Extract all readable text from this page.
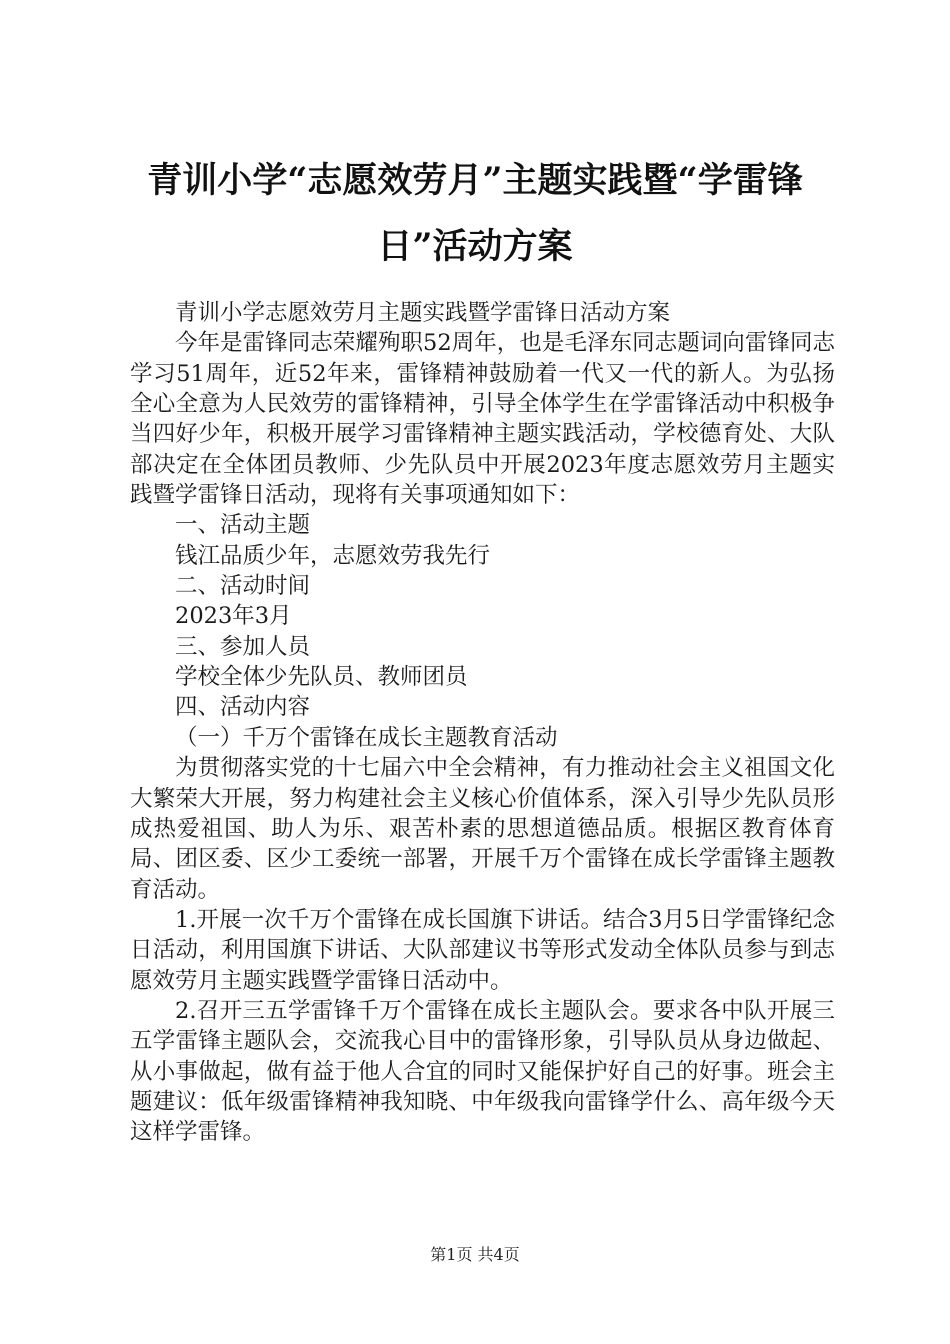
青训小学“志愿效劳月”主题实践暨“学雷锋
日”活动方案

青训小学志愿效劳月主题实践暨学雷锋日活动方案

今年是雷锋同志荣耀殉职52周年，也是毛泽东同志题词向雷锋同志学习51周年，近52年来，雷锋精神鼓励着一代又一代的新人。为弘扬全心全意为人民效劳的雷锋精神，引导全体学生在学雷锋活动中积极争当四好少年，积极开展学习雷锋精神主题实践活动，学校德育处、大队部决定在全体团员教师、少先队员中开展2023年度志愿效劳月主题实践暨学雷锋日活动，现将有关事项通知如下：

一、活动主题

钱江品质少年，志愿效劳我先行

二、活动时间

2023年3月

三、参加人员

学校全体少先队员、教师团员

四、活动内容

（一）千万个雷锋在成长主题教育活动

为贯彻落实党的十七届六中全会精神，有力推动社会主义祖国文化大繁荣大开展，努力构建社会主义核心价值体系，深入引导少先队员形成热爱祖国、助人为乐、艰苦朴素的思想道德品质。根据区教育体育局、团区委、区少工委统一部署，开展千万个雷锋在成长学雷锋主题教育活动。

1.开展一次千万个雷锋在成长国旗下讲话。结合3月5日学雷锋纪念日活动，利用国旗下讲话、大队部建议书等形式发动全体队员参与到志愿效劳月主题实践暨学雷锋日活动中。

2.召开三五学雷锋千万个雷锋在成长主题队会。要求各中队开展三五学雷锋主题队会，交流我心目中的雷锋形象，引导队员从身边做起、从小事做起，做有益于他人合宜的同时又能保护好自己的好事。班会主题建议：低年级雷锋精神我知晓、中年级我向雷锋学什么、高年级今天这样学雷锋。

第1页 共4页
